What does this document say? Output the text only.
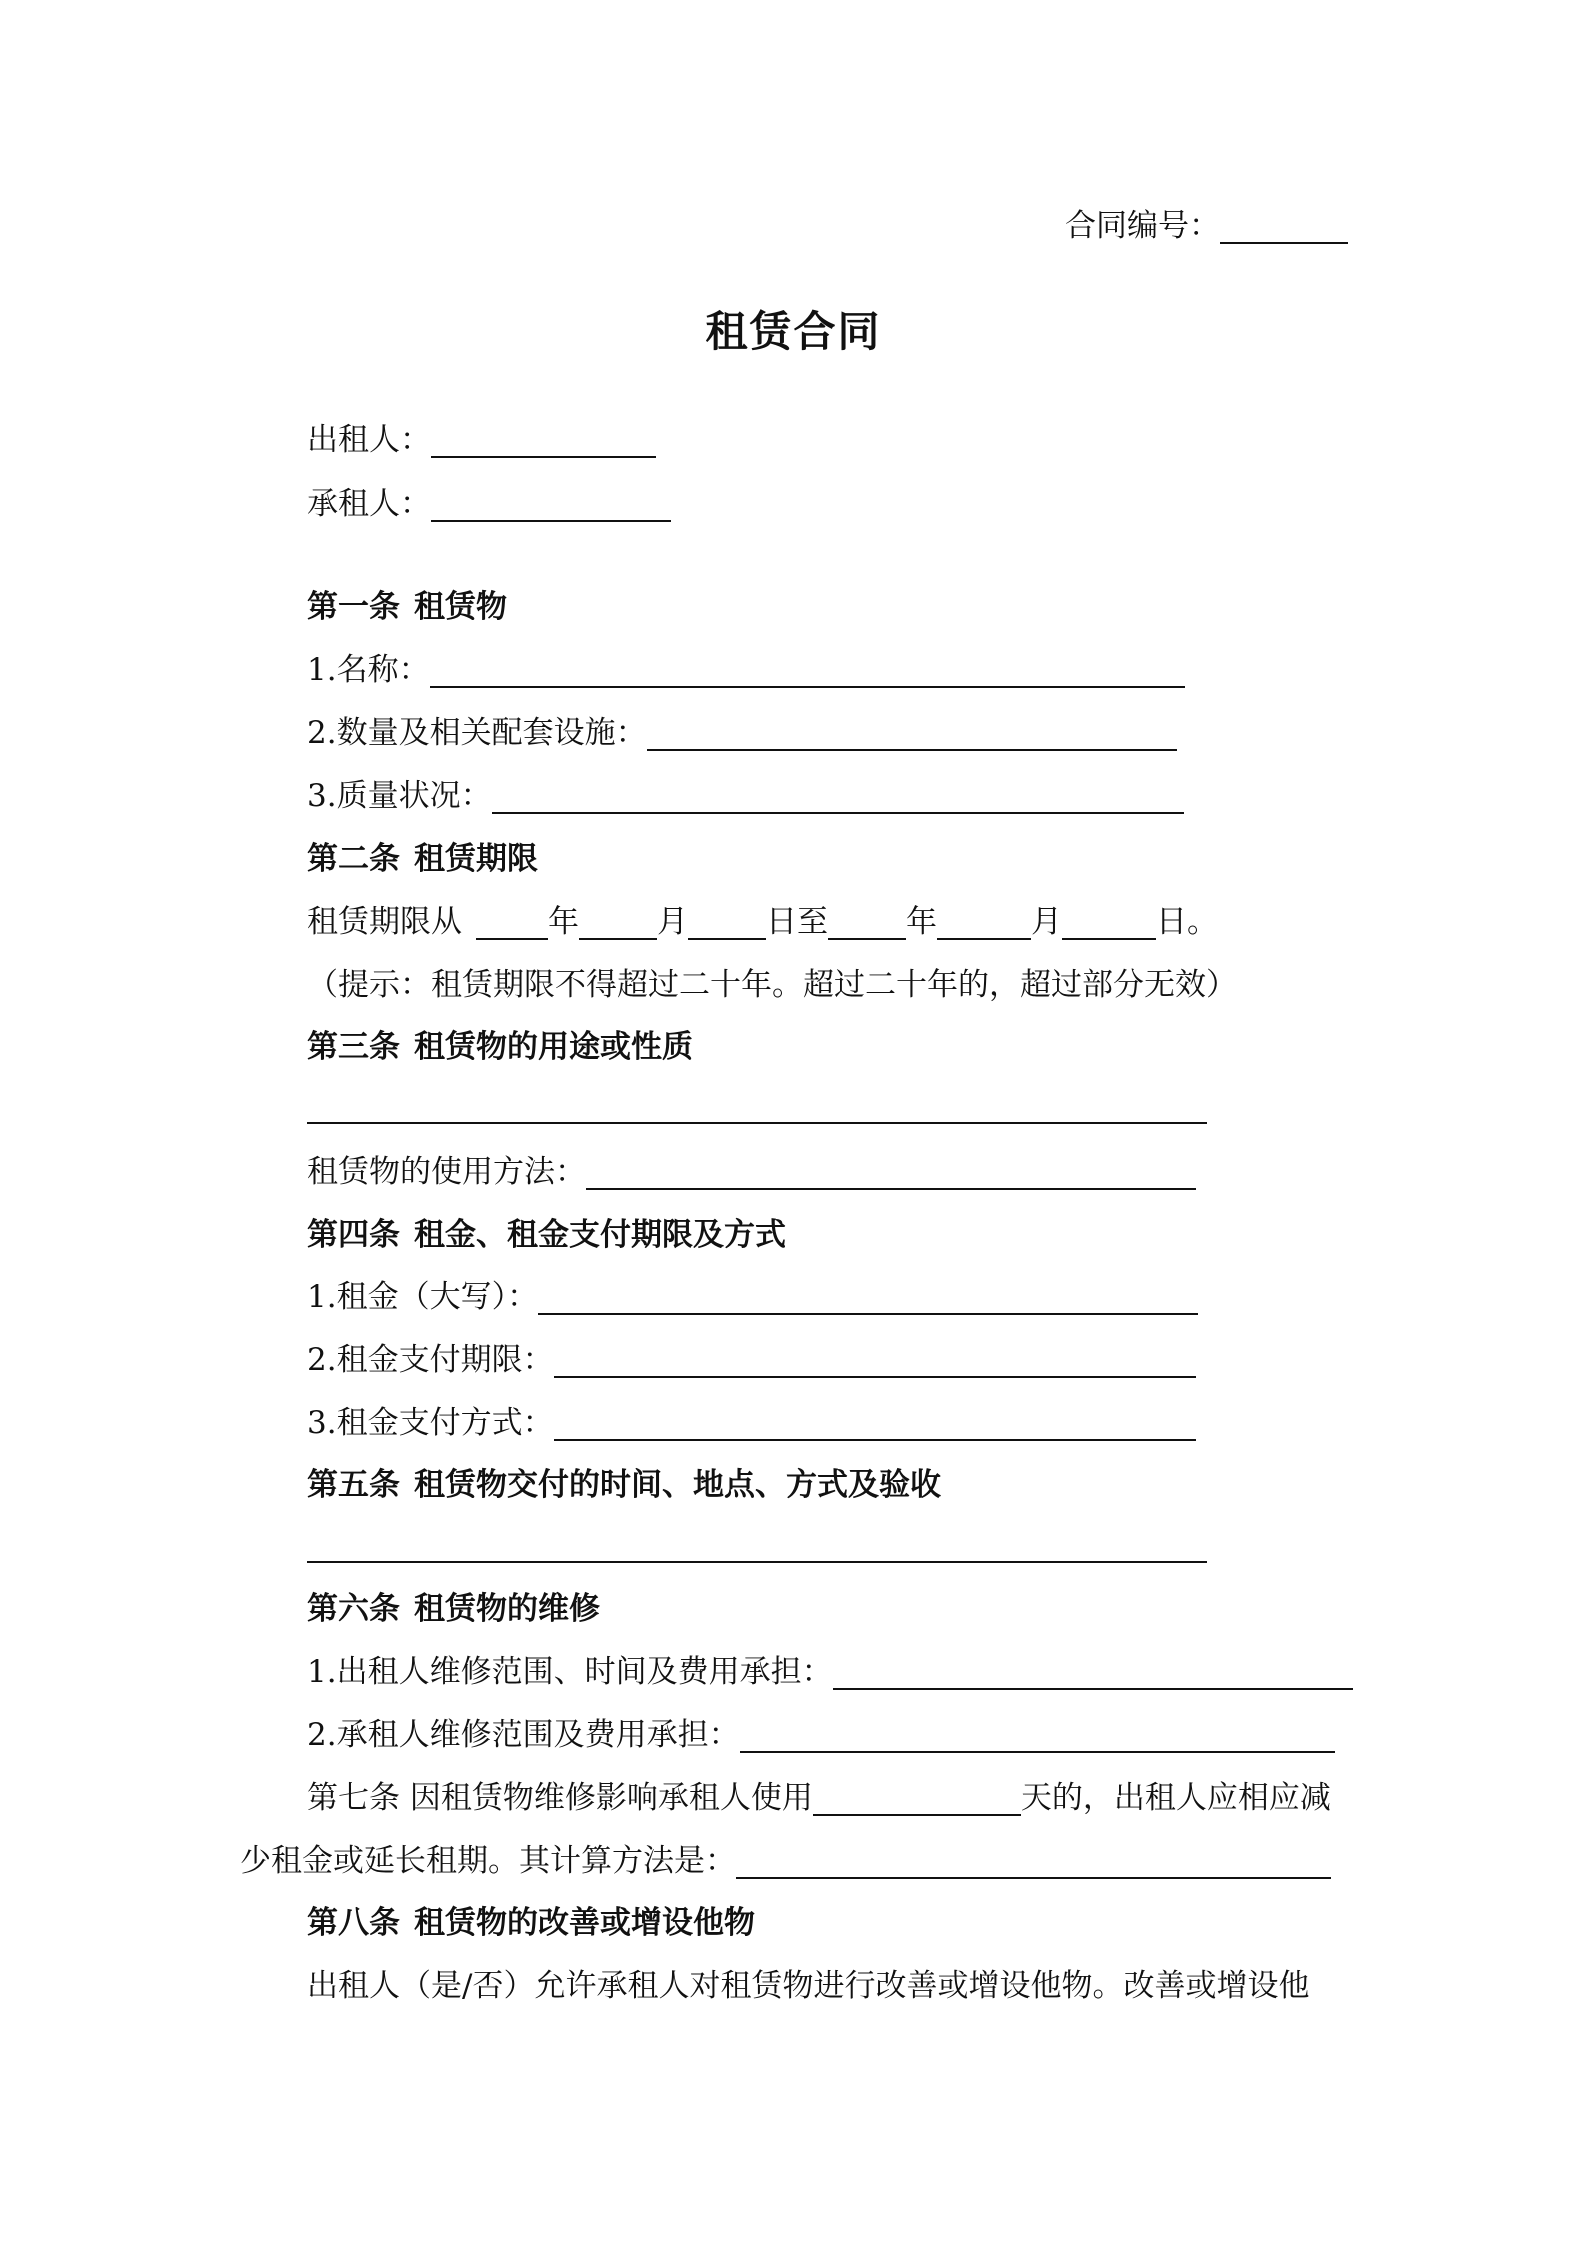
合同编号：
租赁合同
出租人：
承租人：
第一条 租赁物
1.名称：
2.数量及相关配套设施：
3.质量状况：
第二条 租赁期限
租赁期限从	年	月	日至	年	月	日。
（提示：租赁期限不得超过二十年。超过二十年的，超过部分无效）
第三条 租赁物的用途或性质
租赁物的使用方法：
第四条 租金、租金支付期限及方式
1.租金（大写）：
2.租金支付期限：
3.租金支付方式：
第五条 租赁物交付的时间、地点、方式及验收
第六条 租赁物的维修
1.出租人维修范围、时间及费用承担：
2.承租人维修范围及费用承担：
第七条 因租赁物维修影响承租人使用	天的，出租人应相应减
少租金或延长租期。其计算方法是：
第八条 租赁物的改善或增设他物
出租人（是/否）允许承租人对租赁物进行改善或增设他物。改善或增设他
